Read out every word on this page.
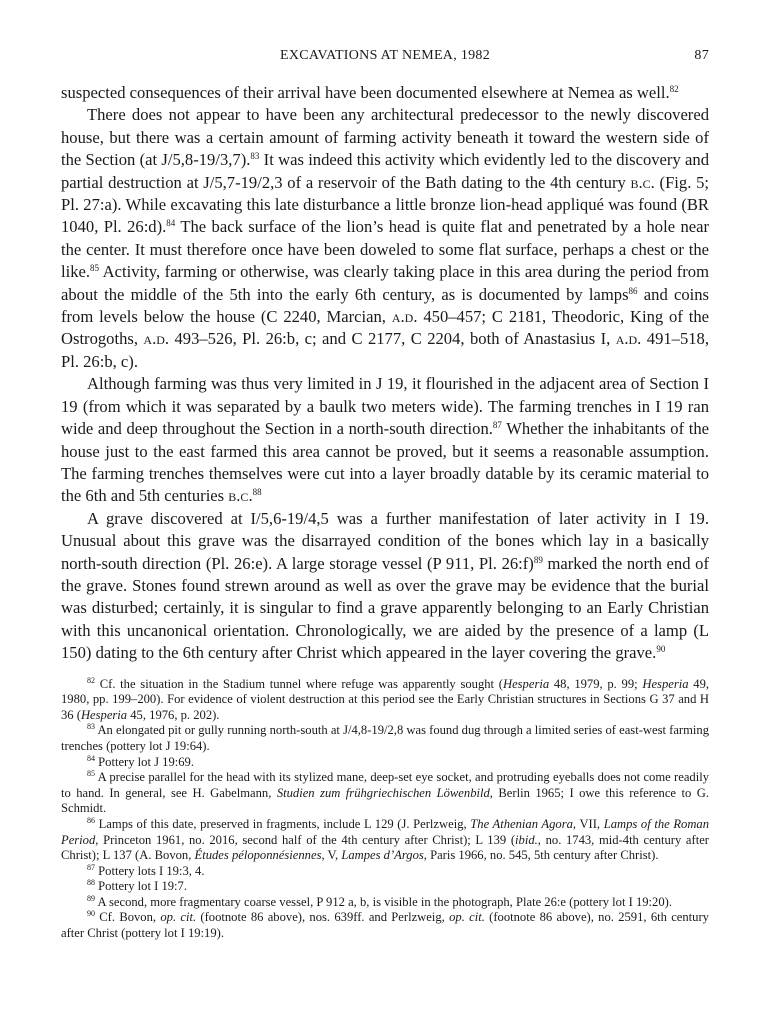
EXCAVATIONS AT NEMEA, 1982	87

suspected consequences of their arrival have been documented elsewhere at Nemea as well.$^{82}$

There does not appear to have been any architectural predecessor to the newly discovered house, but there was a certain amount of farming activity beneath it toward the western side of the Section (at J/5,8-19/3,7).$^{83}$ It was indeed this activity which evidently led to the discovery and partial destruction at J/5,7-19/2,3 of a reservoir of the Bath dating to the 4th century b.c. (Fig. 5; Pl. 27:a). While excavating this late disturbance a little bronze lion-head appliqué was found (BR 1040, Pl. 26:d).$^{84}$ The back surface of the lion’s head is quite flat and penetrated by a hole near the center. It must therefore once have been doweled to some flat surface, perhaps a chest or the like.$^{85}$ Activity, farming or otherwise, was clearly taking place in this area during the period from about the middle of the 5th into the early 6th century, as is documented by lamps$^{86}$ and coins from levels below the house (C 2240, Marcian, a.d. 450–457; C 2181, Theodoric, King of the Ostrogoths, a.d. 493–526, Pl. 26:b, c; and C 2177, C 2204, both of Anastasius I, a.d. 491–518, Pl. 26:b, c).

Although farming was thus very limited in J 19, it flourished in the adjacent area of Section I 19 (from which it was separated by a baulk two meters wide). The farming trenches in I 19 ran wide and deep throughout the Section in a north-south direction.$^{87}$ Whether the inhabitants of the house just to the east farmed this area cannot be proved, but it seems a reasonable assumption. The farming trenches themselves were cut into a layer broadly datable by its ceramic material to the 6th and 5th centuries b.c.$^{88}$

A grave discovered at I/5,6-19/4,5 was a further manifestation of later activity in I 19. Unusual about this grave was the disarrayed condition of the bones which lay in a basically north-south direction (Pl. 26:e). A large storage vessel (P 911, Pl. 26:f)$^{89}$ marked the north end of the grave. Stones found strewn around as well as over the grave may be evidence that the burial was disturbed; certainly, it is singular to find a grave apparently belonging to an Early Christian with this uncanonical orientation. Chronologically, we are aided by the presence of a lamp (L 150) dating to the 6th century after Christ which appeared in the layer covering the grave.$^{90}$

$^{82}$ Cf. the situation in the Stadium tunnel where refuge was apparently sought (Hesperia 48, 1979, p. 99; Hesperia 49, 1980, pp. 199–200). For evidence of violent destruction at this period see the Early Christian structures in Sections G 37 and H 36 (Hesperia 45, 1976, p. 202).

$^{83}$ An elongated pit or gully running north-south at J/4,8-19/2,8 was found dug through a limited series of east-west farming trenches (pottery lot J 19:64).

$^{84}$ Pottery lot J 19:69.

$^{85}$ A precise parallel for the head with its stylized mane, deep-set eye socket, and protruding eyeballs does not come readily to hand. In general, see H. Gabelmann, Studien zum frühgriechischen Löwenbild, Berlin 1965; I owe this reference to G. Schmidt.

$^{86}$ Lamps of this date, preserved in fragments, include L 129 (J. Perlzweig, The Athenian Agora, VII, Lamps of the Roman Period, Princeton 1961, no. 2016, second half of the 4th century after Christ); L 139 (ibid., no. 1743, mid-4th century after Christ); L 137 (A. Bovon, Études péloponnésiennes, V, Lampes d’Argos, Paris 1966, no. 545, 5th century after Christ).

$^{87}$ Pottery lots I 19:3, 4.

$^{88}$ Pottery lot I 19:7.

$^{89}$ A second, more fragmentary coarse vessel, P 912 a, b, is visible in the photograph, Plate 26:e (pottery lot I 19:20).

$^{90}$ Cf. Bovon, op. cit. (footnote 86 above), nos. 639ff. and Perlzweig, op. cit. (footnote 86 above), no. 2591, 6th century after Christ (pottery lot I 19:19).
